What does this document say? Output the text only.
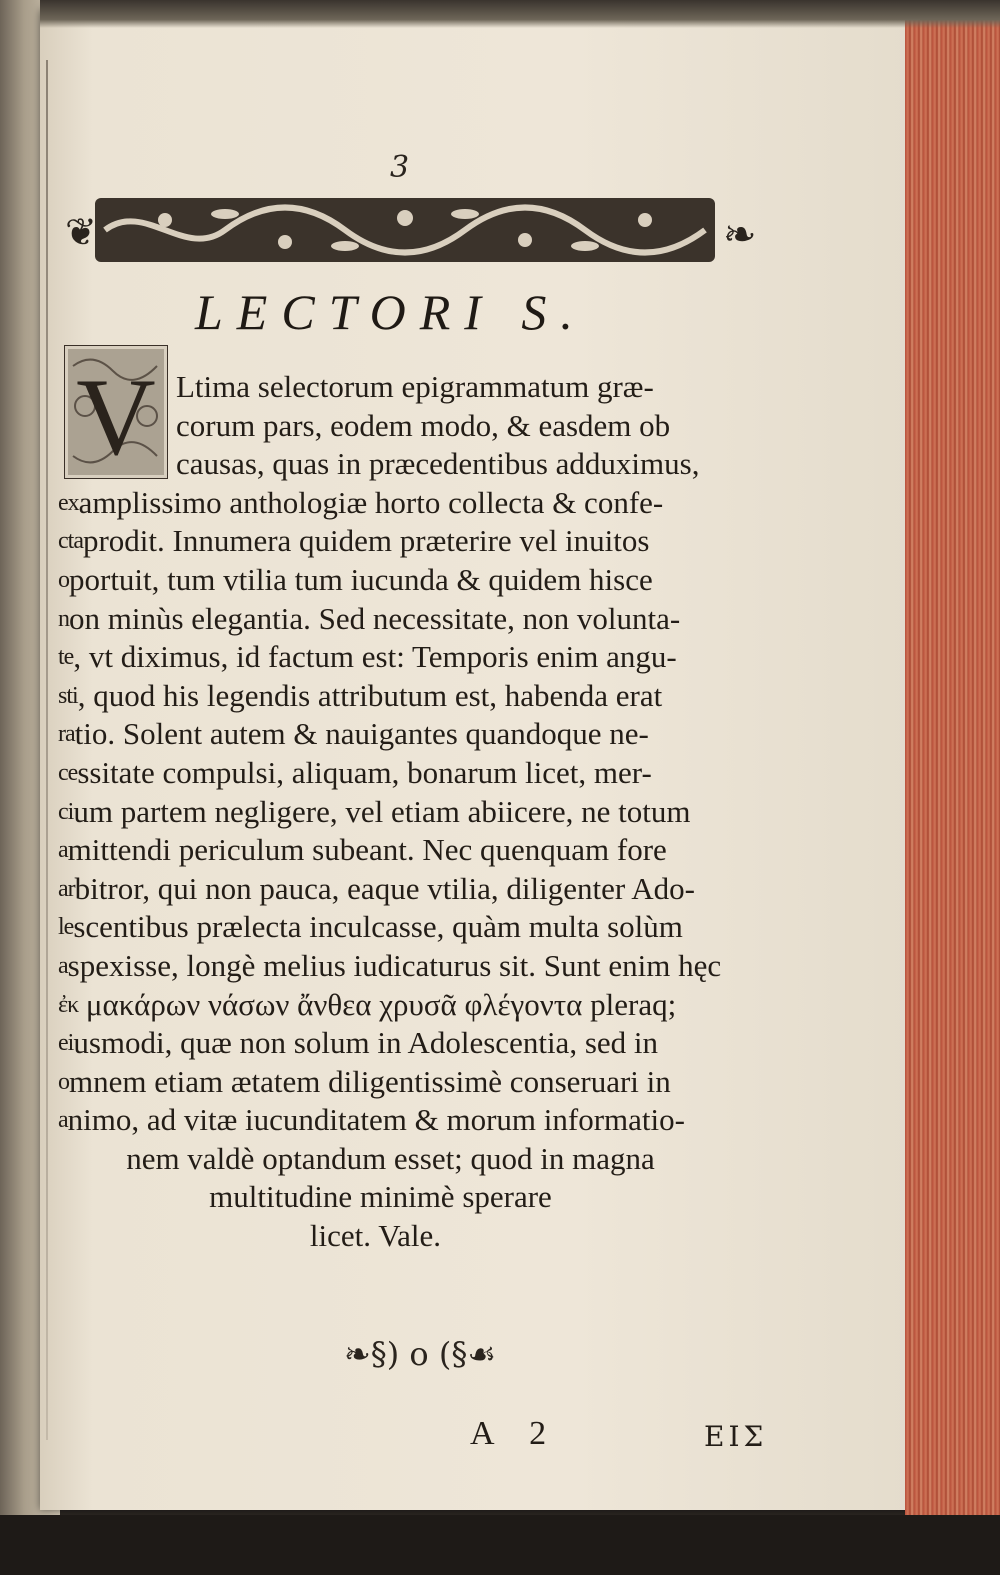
3
❦	❧
LECTORI S.
V Ltima selectorum epigrammatum græ-
corum pars, eodem modo, & easdem ob
causas, quas in præcedentibus adduximus,
examplissimo anthologiæ horto collecta & confe-
ctaprodit. Innumera quidem præterire vel inuitos
oportuit, tum vtilia tum iucunda & quidem hisce
non minùs elegantia. Sed necessitate, non volunta-
te, vt diximus, id factum est: Temporis enim angu-
sti, quod his legendis attributum est, habenda erat
ratio. Solent autem & nauigantes quandoque ne-
cessitate compulsi, aliquam, bonarum licet, mer-
cium partem negligere, vel etiam abiicere, ne totum
amittendi periculum subeant. Nec quenquam fore
arbitror, qui non pauca, eaque vtilia, diligenter Ado-
lescentibus prælecta inculcasse, quàm multa solùm
aspexisse, longè melius iudicaturus sit. Sunt enim hęc
ἐκ μακάρων νάσων ἄνθεα χρυσᾶ φλέγοντα pleraq;
eiusmodi, quæ non solum in Adolescentia, sed in
omnem etiam ætatem diligentissimè conseruari in
animo, ad vitæ iucunditatem & morum informatio-
nem valdè optandum esset; quod in magna
multitudine minimè sperare
licet. Vale.
❧§) o (§☙
A 2	ΕΙΣ
